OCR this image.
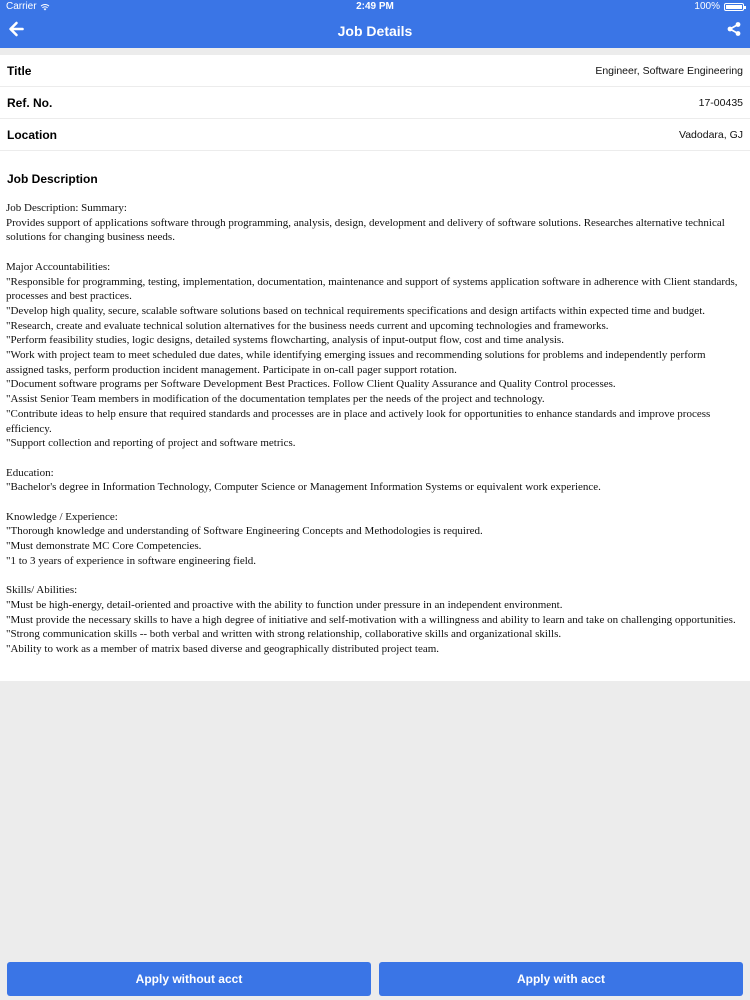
Carrier	2:49 PM	100%
Job Details
Title	Engineer, Software Engineering
Ref. No.	17-00435
Location	Vadodara, GJ
Job Description

Job Description: Summary:

Provides support of applications software through programming, analysis, design, development and delivery of software solutions. Researches alternative technical solutions for changing business needs.

Major Accountabilities:

"Responsible for programming, testing, implementation, documentation, maintenance and support of systems application software in adherence with Client standards, processes and best practices.

"Develop high quality, secure, scalable software solutions based on technical requirements specifications and design artifacts within expected time and budget. "Research, create and evaluate technical solution alternatives for the business needs current and upcoming technologies and frameworks.

"Perform feasibility studies, logic designs, detailed systems flowcharting, analysis of input-output flow, cost and time analysis.

"Work with project team to meet scheduled due dates, while identifying emerging issues and recommending solutions for problems and independently perform assigned tasks, perform production incident management. Participate in on-call pager support rotation.

"Document software programs per Software Development Best Practices. Follow Client Quality Assurance and Quality Control processes.

"Assist Senior Team members in modification of the documentation templates per the needs of the project and technology.

"Contribute ideas to help ensure that required standards and processes are in place and actively look for opportunities to enhance standards and improve process efficiency.

"Support collection and reporting of project and software metrics.

Education:

"Bachelor's degree in Information Technology, Computer Science or Management Information Systems or equivalent work experience.

Knowledge / Experience:

"Thorough knowledge and understanding of Software Engineering Concepts and Methodologies is required.

"Must demonstrate MC Core Competencies.

"1 to 3 years of experience in software engineering field.

Skills/ Abilities:

"Must be high-energy, detail-oriented and proactive with the ability to function under pressure in an independent environment.

"Must provide the necessary skills to have a high degree of initiative and self-motivation with a willingness and ability to learn and take on challenging opportunities.

"Strong communication skills -- both verbal and written with strong relationship, collaborative skills and organizational skills.

"Ability to work as a member of matrix based diverse and geographically distributed project team.

Apply without acct	Apply with acct
